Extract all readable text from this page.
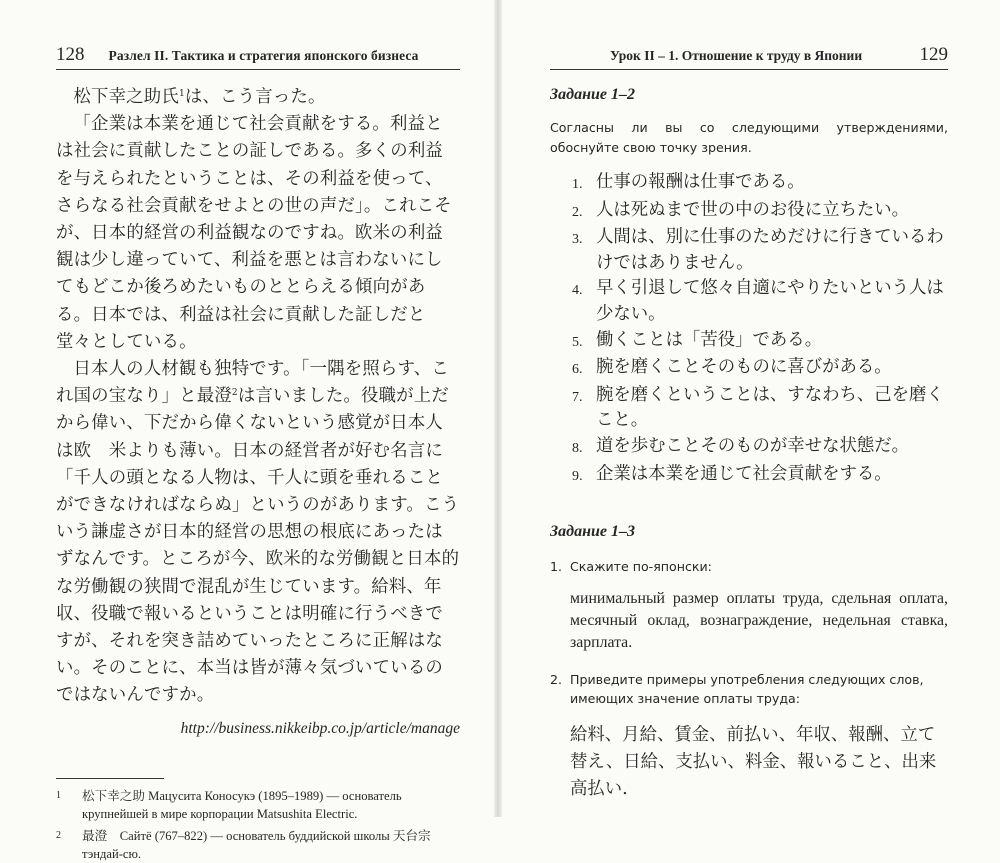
128 Разлел II. Тактика и стратегия японского бизнеса

松下幸之助氏$^1$は、こう言った。

「企業は本業を通じて社会貢献をする。利益とは社会に貢献したことの証しである。多くの利益を与えられたということは、その利益を使って、さらなる社会貢献をせよとの世の声だ」。これこそが、日本的経営の利益観なのですね。欧米の利益観は少し違っていて、利益を悪とは言わないにしてもどこか後ろめたいものととらえる傾向がある。日本では、利益は社会に貢献した証しだと堂々としている。

日本人の人材観も独特です。「一隅を照らす、これ国の宝なり」と最澄$^2$は言いました。役職が上だから偉い、下だから偉くないという感覚が日本人は欧　米よりも薄い。日本の経営者が好む名言に「千人の頭となる人物は、千人に頭を垂れることができなければならぬ」というのがあります。こういう謙虚さが日本的経営の思想の根底にあったはずなんです。ところが今、欧米的な労働観と日本的な労働観の狭間で混乱が生じています。給料、年収、役職で報いるということは明確に行うべきですが、それを突き詰めていったところに正解はない。そのことに、本当は皆が薄々気づいているのではないんですか。

http://business.nikkeibp.co.jp/article/manage
1	松下幸之助 Мацусита Коносукэ (1895–1989) — основатель крупнейшей в мире корпорации Matsushita Electric.
2	最澄　Сайтё (767–822) — основатель буддийской школы 天台宗 тэндай-сю.
Урок II – 1. Отношение к труду в Японии	129
Задание 1–2
Согласны ли вы со следующими утверждениями, обоснуйте свою точку зрения.
1. 仕事の報酬は仕事である。
2. 人は死ぬまで世の中のお役に立ちたい。
3. 人間は、別に仕事のためだけに行きているわけではありません。
4. 早く引退して悠々自適にやりたいという人は少ない。
5. 働くことは「苦役」である。
6. 腕を磨くことそのものに喜びがある。
7. 腕を磨くということは、すなわち、己を磨くこと。
8. 道を歩むことそのものが幸せな状態だ。
9. 企業は本業を通じて社会貢献をする。
Задание 1–3
1. Скажите по-японски:
минимальный размер оплаты труда, сдельная оплата, месячный оклад, вознаграждение, недельная ставка, зарплата.
2. Приведите примеры употребления следующих слов, имеющих значение оплаты труда:
給料、月給、賃金、前払い、年収、報酬、立て替え、日給、支払い、料金、報いること、出来高払い.
